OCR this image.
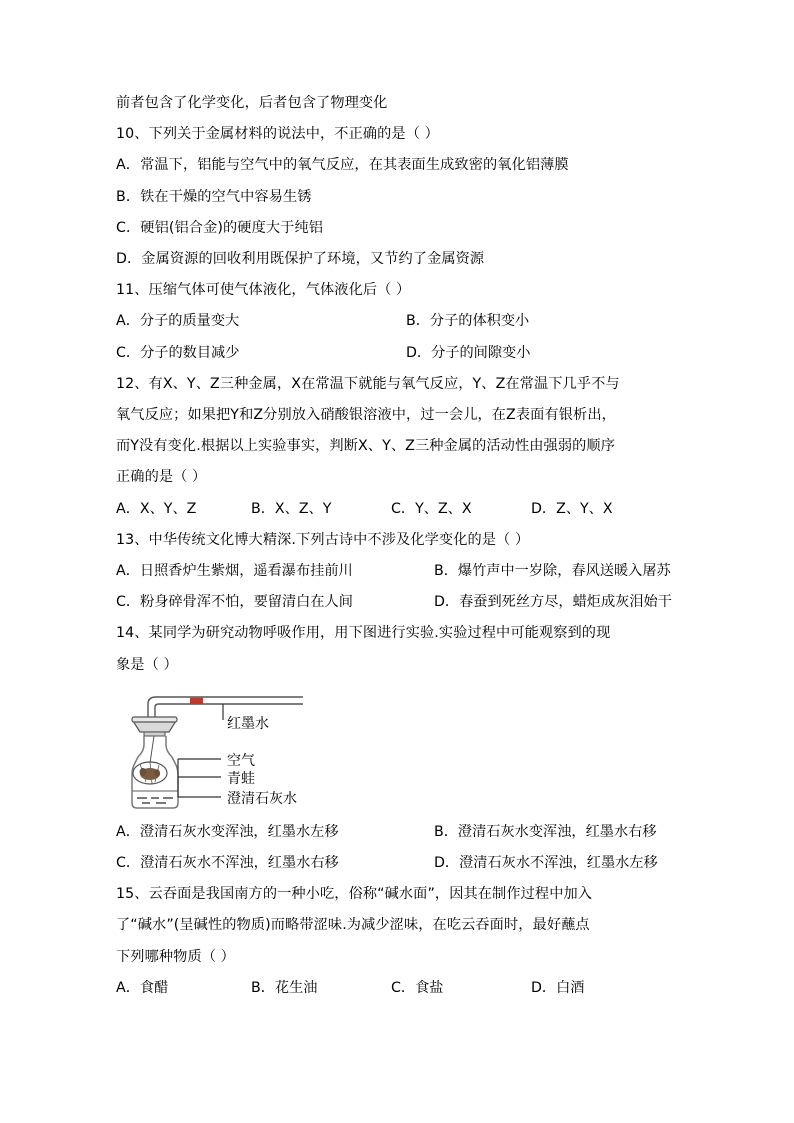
前者包含了化学变化，后者包含了物理变化
10、下列关于金属材料的说法中，不正确的是（ ）
A．常温下，铝能与空气中的氧气反应，在其表面生成致密的氧化铝薄膜
B．铁在干燥的空气中容易生锈
C．硬铝(铝合金)的硬度大于纯铝
D．金属资源的回收利用既保护了环境，又节约了金属资源
11、压缩气体可使气体液化，气体液化后（ ）
A．分子的质量变大	B．分子的体积变小
C．分子的数目减少	D．分子的间隙变小
12、有X、Y、Z三种金属，X在常温下就能与氧气反应，Y、Z在常温下几乎不与
氧气反应；如果把Y和Z分别放入硝酸银溶液中，过一会儿，在Z表面有银析出，
而Y没有变化.根据以上实验事实，判断X、Y、Z三种金属的活动性由强弱的顺序
正确的是（ ）
A．X、Y、Z	B．X、Z、Y	C．Y、Z、X	D．Z、Y、X
13、中华传统文化博大精深.下列古诗中不涉及化学变化的是（ ）
A．日照香炉生紫烟，遥看瀑布挂前川	B．爆竹声中一岁除，春风送暖入屠苏
C．粉身碎骨浑不怕，要留清白在人间	D．春蚕到死丝方尽，蜡炬成灰泪始干
14、某同学为研究动物呼吸作用，用下图进行实验.实验过程中可能观察到的现
象是（ ）
红墨水
空气
青蛙
澄清石灰水
A．澄清石灰水变浑浊，红墨水左移	B．澄清石灰水变浑浊，红墨水右移
C．澄清石灰水不浑浊，红墨水右移	D．澄清石灰水不浑浊，红墨水左移
15、云吞面是我国南方的一种小吃，俗称“碱水面”，因其在制作过程中加入
了“碱水”(呈碱性的物质)而略带涩味.为减少涩味，在吃云吞面时，最好蘸点
下列哪种物质（ ）
A．食醋	B．花生油	C．食盐	D．白酒
